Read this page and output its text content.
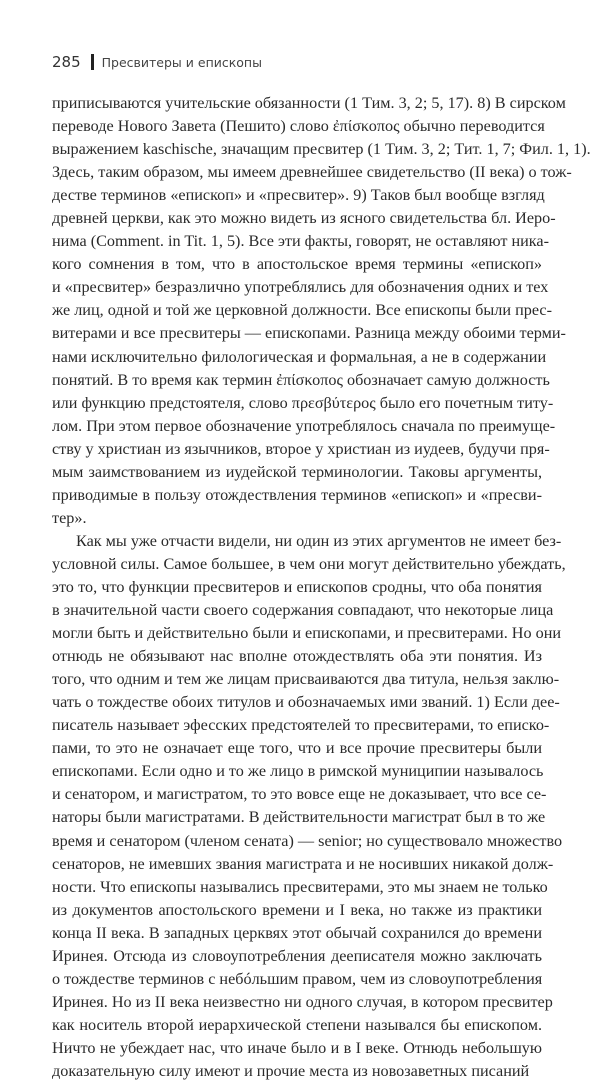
285 Пресвитеры и епископы
приписываются учительские обязанности (1 Тим. 3, 2; 5, 17). 8) В сирском
переводе Нового Завета (Пешито) слово ἐπίσκοπος обычно переводится
выражением kaschische, значащим пресвитер (1 Тим. 3, 2; Тит. 1, 7; Фил. 1, 1).
Здесь, таким образом, мы имеем древнейшее свидетельство (II века) о тож-
дестве терминов «епископ» и «пресвитер». 9) Таков был вообще взгляд
древней церкви, как это можно видеть из ясного свидетельства бл. Иеро-
нима (Comment. in Tit. 1, 5). Все эти факты, говорят, не оставляют ника-
кого сомнения в том, что в апостольское время термины «епископ»
и «пресвитер» безразлично употреблялись для обозначения одних и тех
же лиц, одной и той же церковной должности. Все епископы были прес-
витерами и все пресвитеры — епископами. Разница между обоими терми-
нами исключительно филологическая и формальная, а не в содержании
понятий. В то время как термин ἐπίσκοπος обозначает самую должность
или функцию предстоятеля, слово πρεσβύτερος было его почетным титу-
лом. При этом первое обозначение употреблялось сначала по преимуще-
ству у христиан из язычников, второе у христиан из иудеев, будучи пря-
мым заимствованием из иудейской терминологии. Таковы аргументы,
приводимые в пользу отождествления терминов «епископ» и «пресви-
тер».
Как мы уже отчасти видели, ни один из этих аргументов не имеет без-
условной силы. Самое большее, в чем они могут действительно убеждать,
это то, что функции пресвитеров и епископов сродны, что оба понятия
в значительной части своего содержания совпадают, что некоторые лица
могли быть и действительно были и епископами, и пресвитерами. Но они
отнюдь не обязывают нас вполне отождествлять оба эти понятия. Из
того, что одним и тем же лицам присваиваются два титула, нельзя заклю-
чать о тождестве обоих титулов и обозначаемых ими званий. 1) Если дее-
писатель называет эфесских предстоятелей то пресвитерами, то еписко-
пами, то это не означает еще того, что и все прочие пресвитеры были
епископами. Если одно и то же лицо в римской муниципии называлось
и сенатором, и магистратом, то это вовсе еще не доказывает, что все се-
наторы были магистратами. В действительности магистрат был в то же
время и сенатором (членом сената) — senior; но существовало множество
сенаторов, не имевших звания магистрата и не носивших никакой долж-
ности. Что епископы назывались пресвитерами, это мы знаем не только
из документов апостольского времени и I века, но также из практики
конца II века. В западных церквях этот обычай сохранился до времени
Иринея. Отсюда из словоупотребления деeписателя можно заключать
о тождестве терминов с небóльшим правом, чем из словоупотребления
Иринея. Но из II века неизвестно ни одного случая, в котором пресвитер
как носитель второй иерархической степени назывался бы епископом.
Ничто не убеждает нас, что иначе было и в I веке. Отнюдь небольшую
доказательную силу имеют и прочие места из новозаветных писаний
